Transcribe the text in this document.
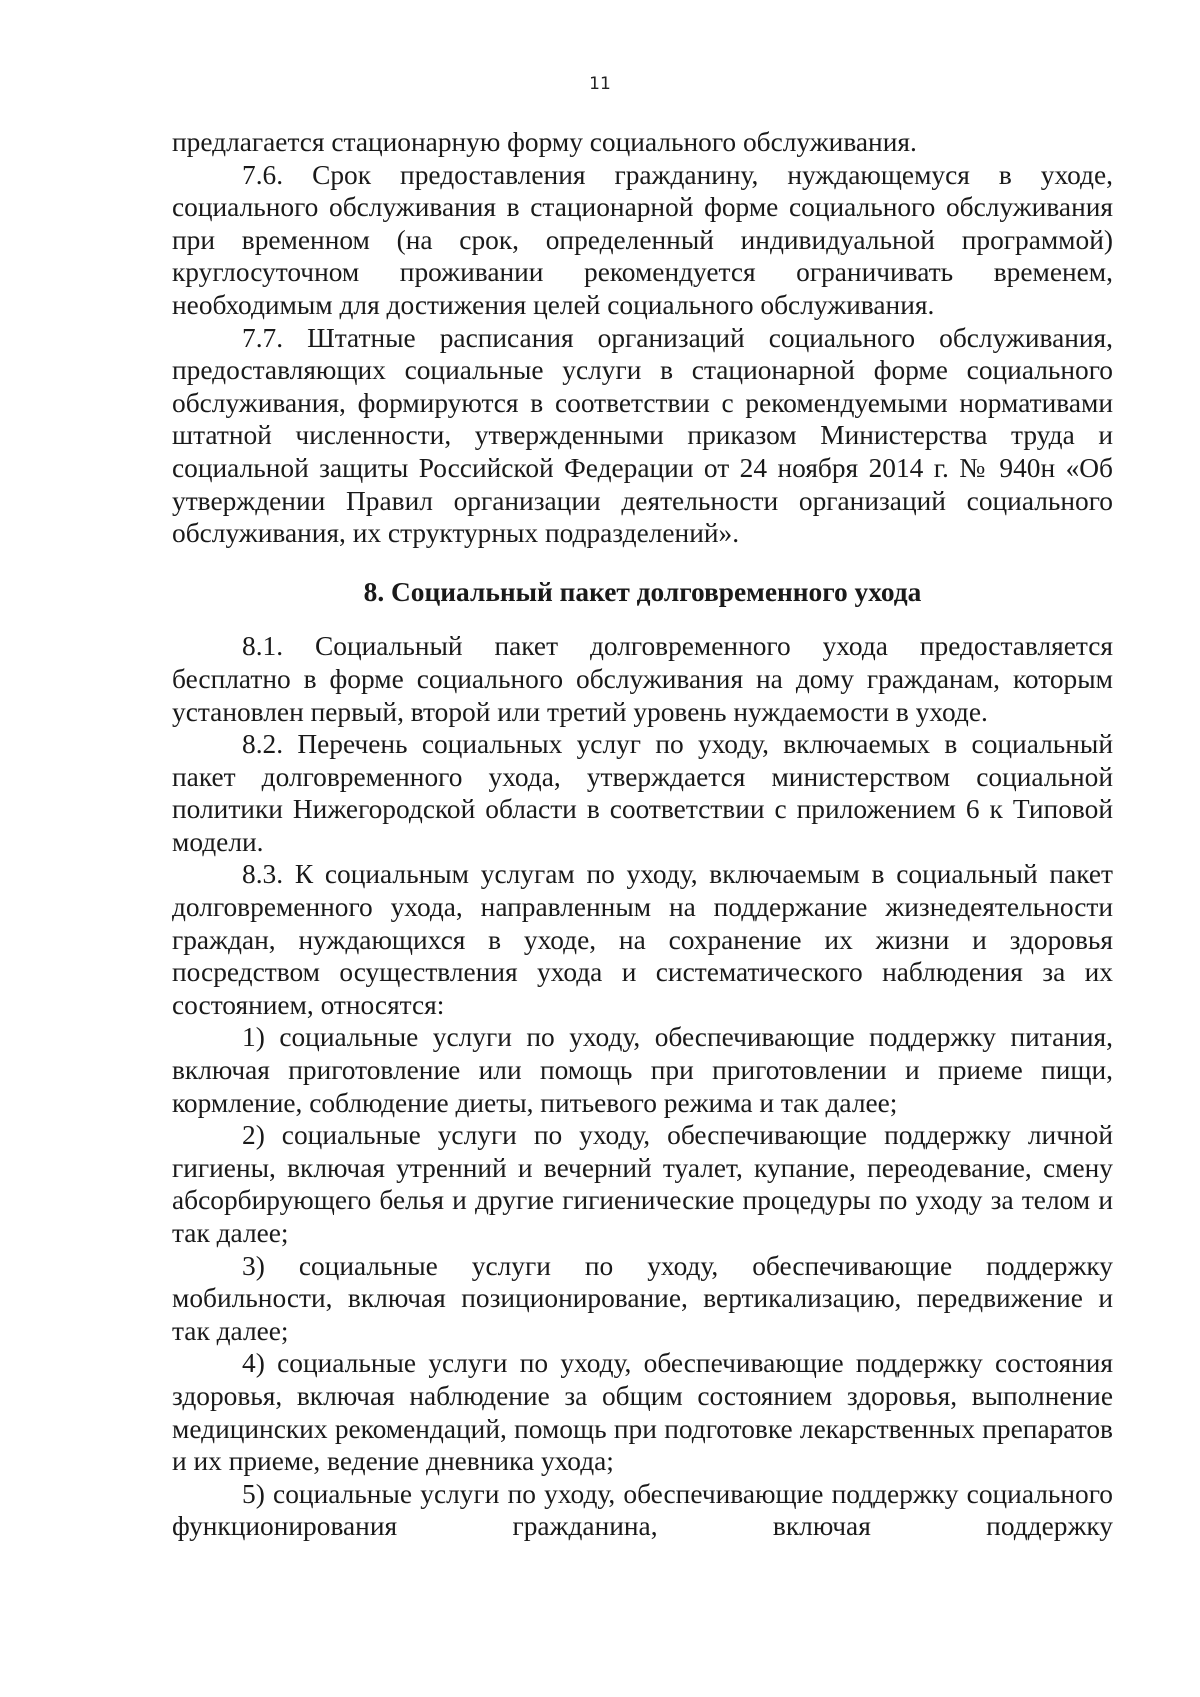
11

предлагается стационарную форму социального обслуживания.

7.6. Срок предоставления гражданину, нуждающемуся в уходе, социального обслуживания в стационарной форме социального обслуживания при временном (на срок, определенный индивидуальной программой) круглосуточном проживании рекомендуется ограничивать временем, необходимым для достижения целей социального обслуживания.

7.7. Штатные расписания организаций социального обслуживания, предоставляющих социальные услуги в стационарной форме социального обслуживания, формируются в соответствии с рекомендуемыми нормативами штатной численности, утвержденными приказом Министерства труда и социальной защиты Российской Федерации от 24 ноября 2014 г. № 940н «Об утверждении Правил организации деятельности организаций социального обслуживания, их структурных подразделений».

8. Социальный пакет долговременного ухода

8.1. Социальный пакет долговременного ухода предоставляется бесплатно в форме социального обслуживания на дому гражданам, которым установлен первый, второй или третий уровень нуждаемости в уходе.

8.2. Перечень социальных услуг по уходу, включаемых в социальный пакет долговременного ухода, утверждается министерством социальной политики Нижегородской области в соответствии с приложением 6 к Типовой модели.

8.3. К социальным услугам по уходу, включаемым в социальный пакет долговременного ухода, направленным на поддержание жизнедеятельности граждан, нуждающихся в уходе, на сохранение их жизни и здоровья посредством осуществления ухода и систематического наблюдения за их состоянием, относятся:

1) социальные услуги по уходу, обеспечивающие поддержку питания, включая приготовление или помощь при приготовлении и приеме пищи, кормление, соблюдение диеты, питьевого режима и так далее;

2) социальные услуги по уходу, обеспечивающие поддержку личной гигиены, включая утренний и вечерний туалет, купание, переодевание, смену абсорбирующего белья и другие гигиенические процедуры по уходу за телом и так далее;

3) социальные услуги по уходу, обеспечивающие поддержку мобильности, включая позиционирование, вертикализацию, передвижение и так далее;

4) социальные услуги по уходу, обеспечивающие поддержку состояния здоровья, включая наблюдение за общим состоянием здоровья, выполнение медицинских рекомендаций, помощь при подготовке лекарственных препаратов и их приеме, ведение дневника ухода;

5) социальные услуги по уходу, обеспечивающие поддержку социального функционирования гражданина, включая поддержку
